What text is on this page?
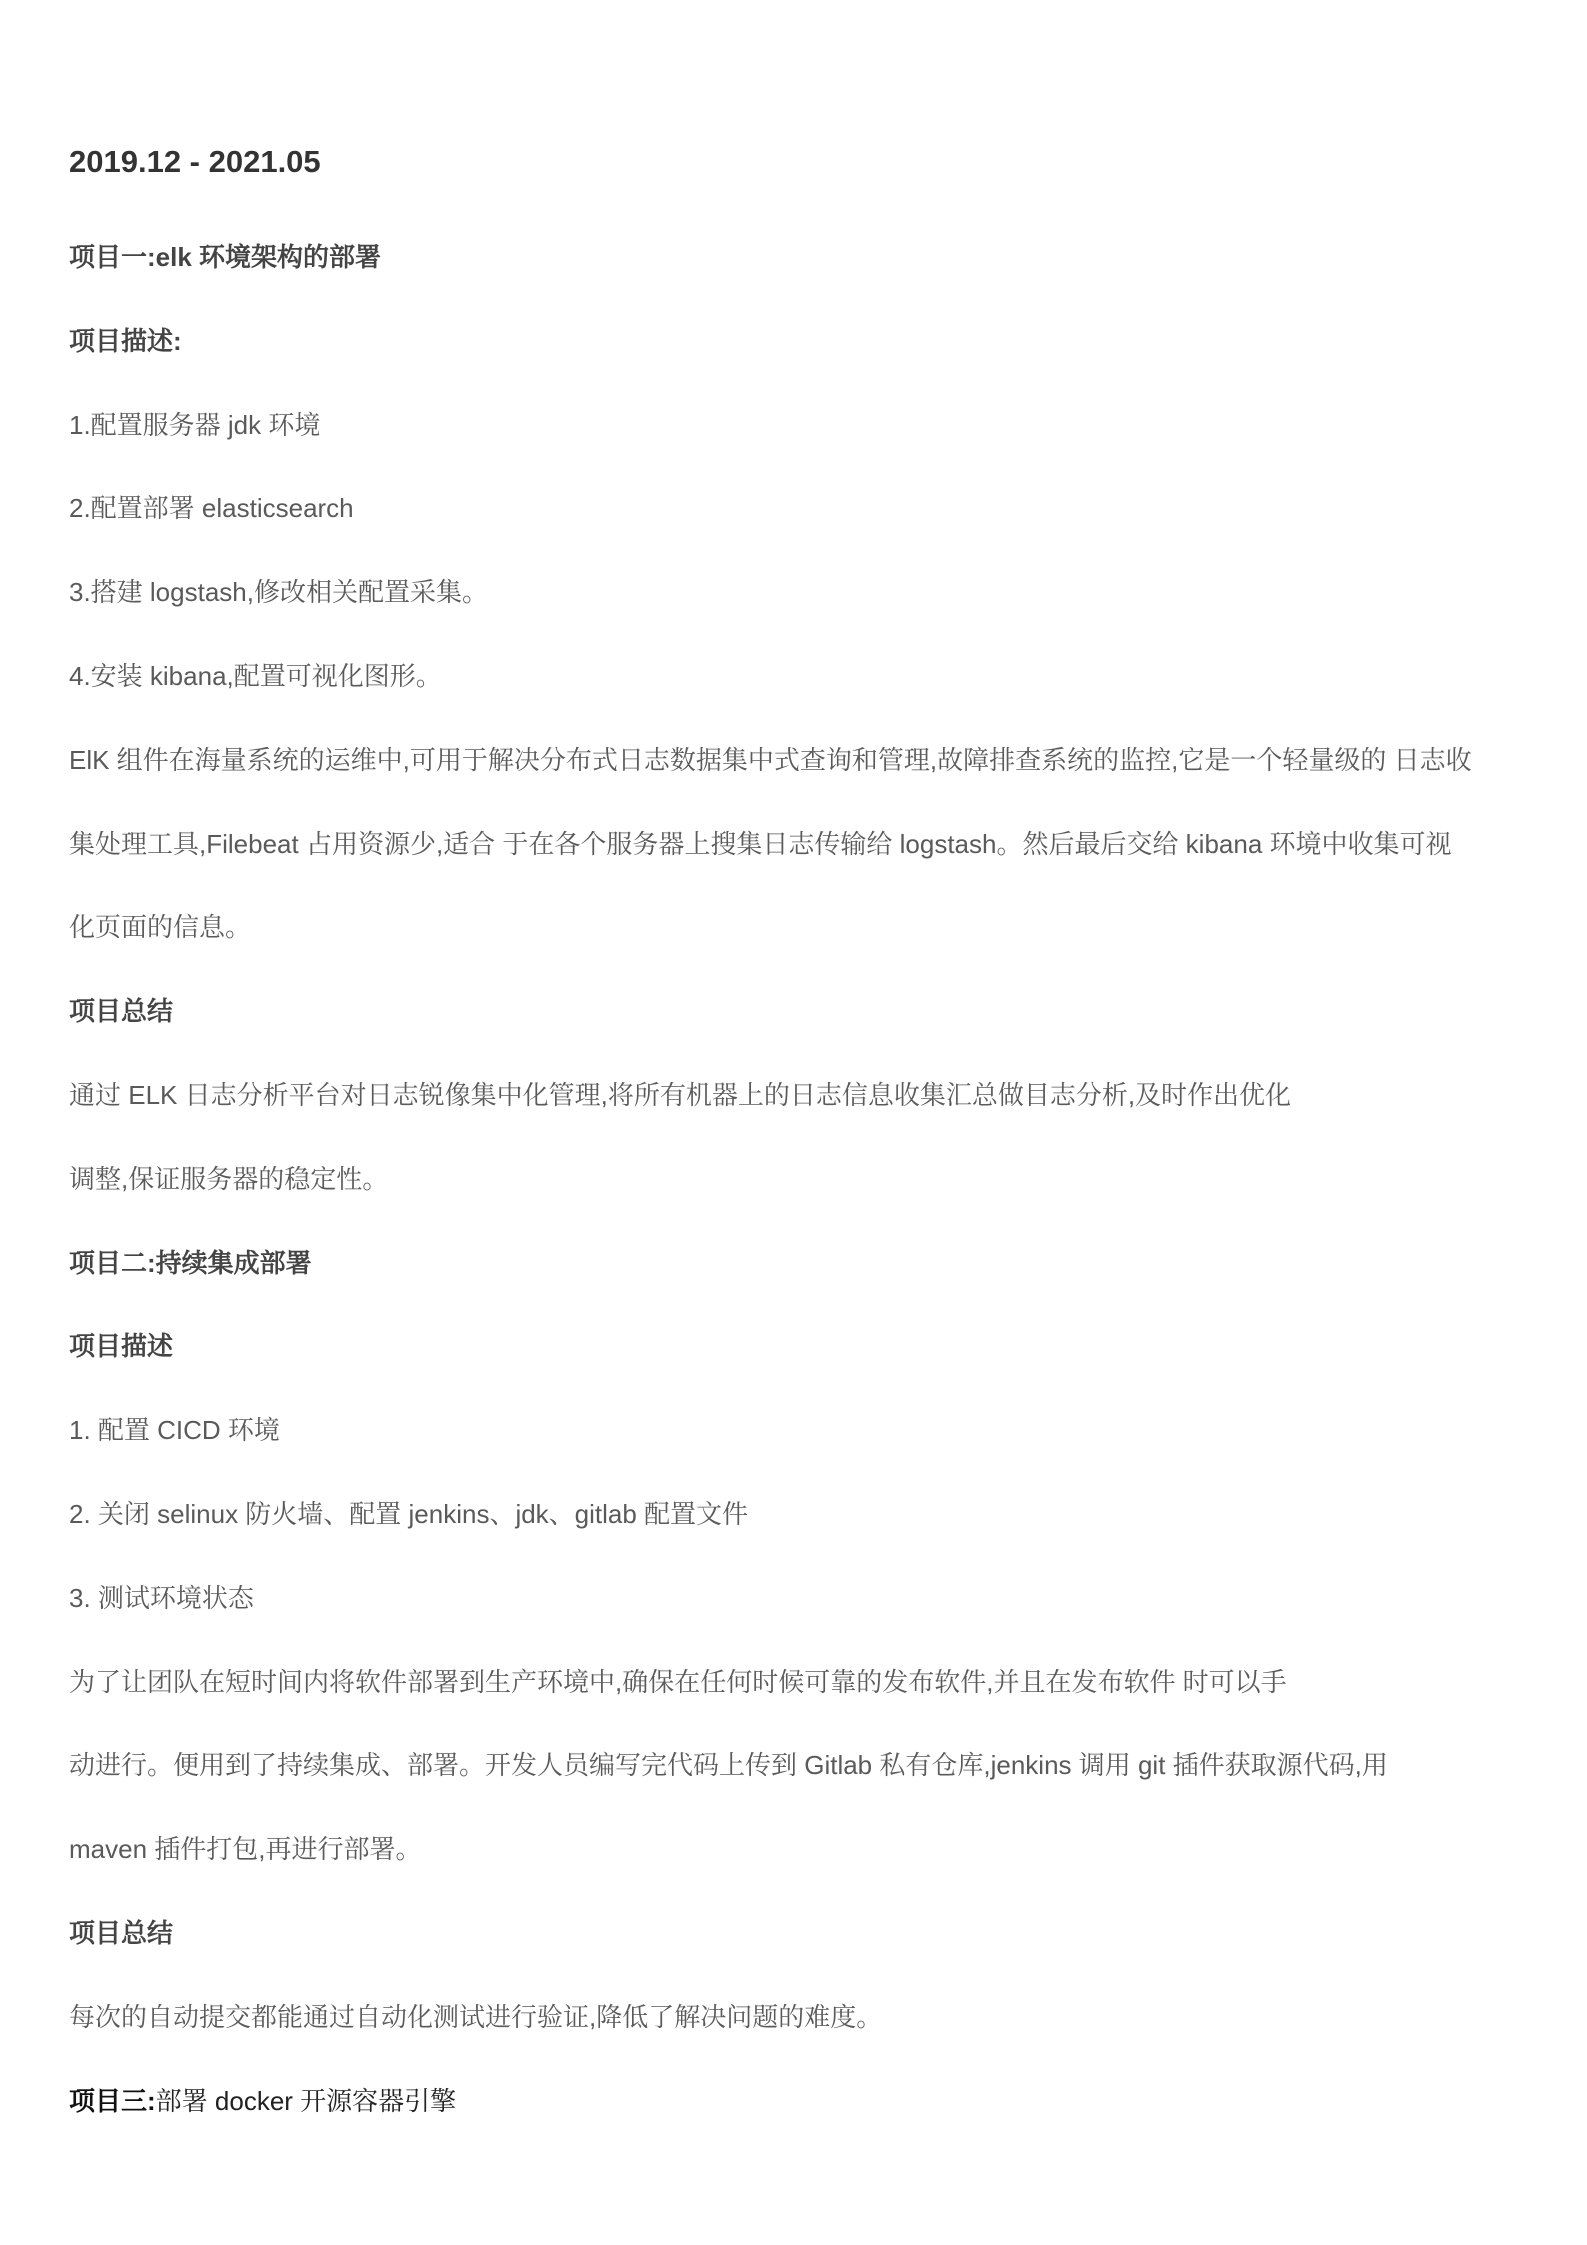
2019.12 - 2021.05
项目一:elk 环境架构的部署
项目描述:
1.配置服务器 jdk 环境
2.配置部署 elasticsearch
3.搭建 logstash,修改相关配置采集。
4.安装 kibana,配置可视化图形。
ElK 组件在海量系统的运维中,可用于解决分布式日志数据集中式查询和管理,故障排查系统的监控,它是一个轻量级的 日志收
集处理工具,Filebeat 占用资源少,适合 于在各个服务器上搜集日志传输给 logstash。然后最后交给 kibana 环境中收集可视
化页面的信息。
项目总结
通过 ELK 日志分析平台对日志锐像集中化管理,将所有机器上的日志信息收集汇总做目志分析,及时作出优化
调整,保证服务器的稳定性。
项目二:持续集成部署
项目描述
1. 配置 CICD 环境
2. 关闭 selinux 防火墙、配置 jenkins、jdk、gitlab 配置文件
3. 测试环境状态
为了让团队在短时间内将软件部署到生产环境中,确保在任何时候可靠的发布软件,并且在发布软件 时可以手
动进行。便用到了持续集成、部署。开发人员编写完代码上传到 Gitlab 私有仓库,jenkins 调用 git 插件获取源代码,用
maven 插件打包,再进行部署。
项目总结
每次的自动提交都能通过自动化测试进行验证,降低了解决问题的难度。
项目三:部署 docker 开源容器引擎
